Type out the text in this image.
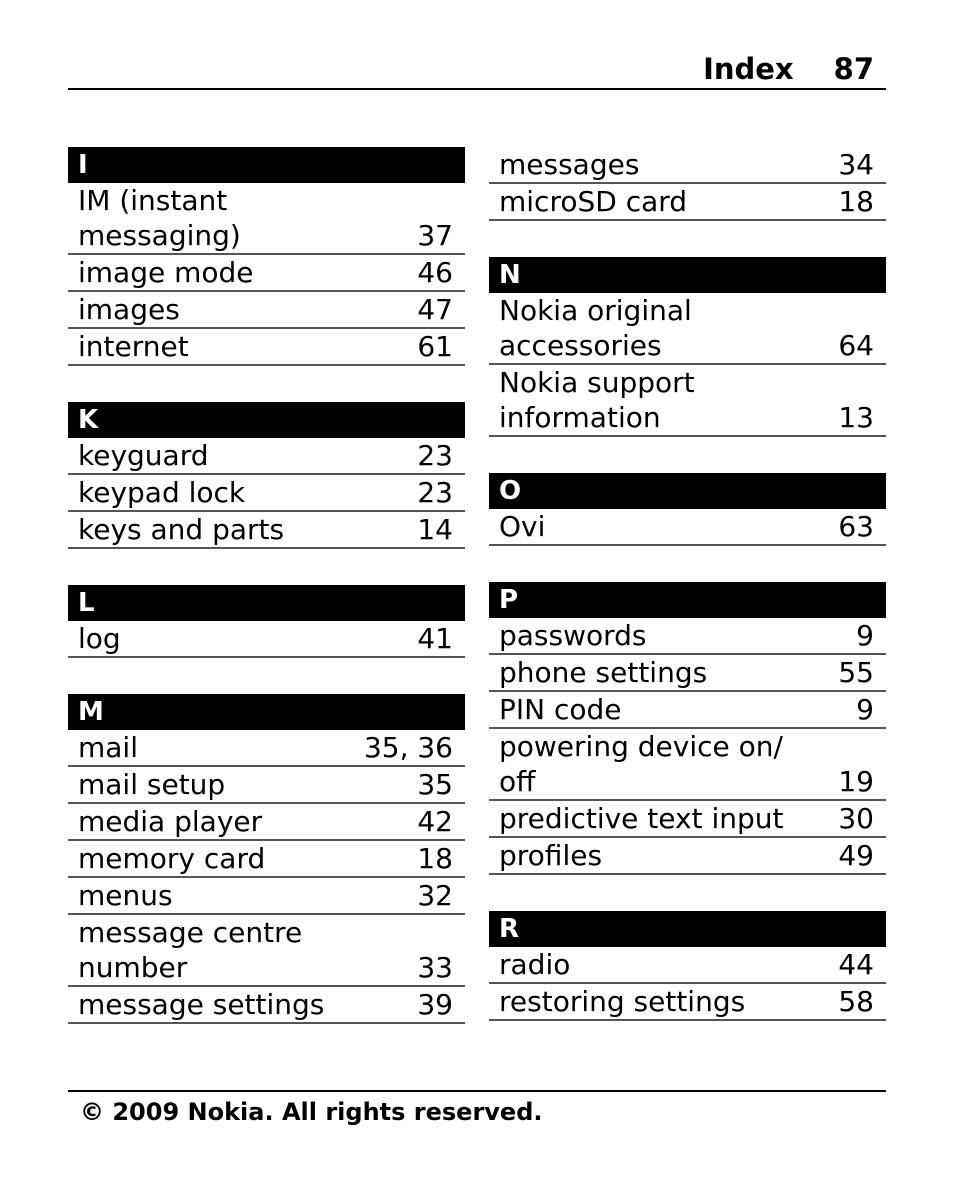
Index 87
I
IM (instant
messaging)	37
image mode	46
images	47
internet	61
K
keyguard	23
keypad lock	23
keys and parts	14
L
log	41
M
mail	35, 36
mail setup	35
media player	42
memory card	18
menus	32
message centre
number	33
message settings	39
messages	34
microSD card	18
N
Nokia original
accessories	64
Nokia support
information	13
O
Ovi	63
P
passwords	9
phone settings	55
PIN code	9
powering device on/
off	19
predictive text input 30
profiles	49
R
radio	44
restoring settings	58
© 2009 Nokia. All rights reserved.
